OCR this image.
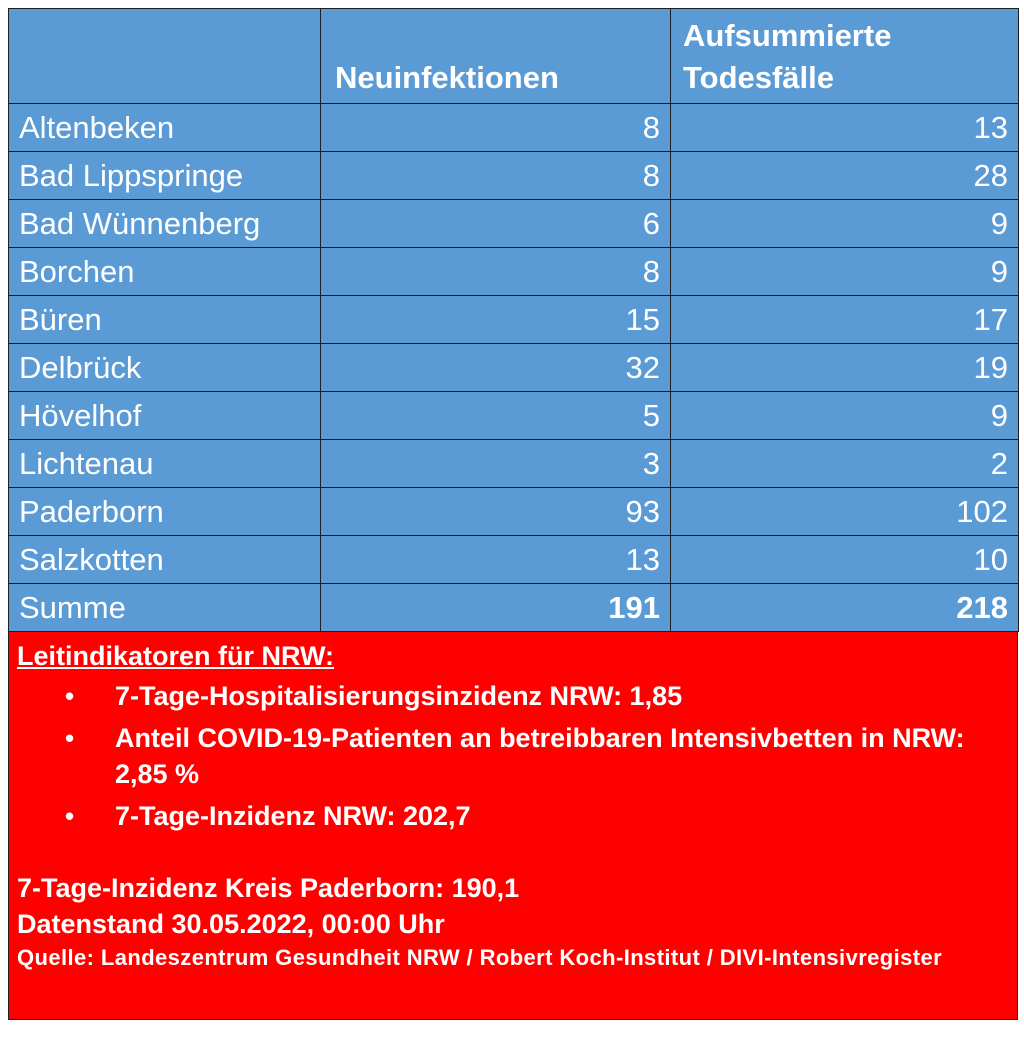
	Neuinfektionen	Aufsummierte Todesfälle
Altenbeken	8	13
Bad Lippspringe	8	28
Bad Wünnenberg	6	9
Borchen	8	9
Büren	15	17
Delbrück	32	19
Hövelhof	5	9
Lichtenau	3	2
Paderborn	93	102
Salzkotten	13	10
Summe	191	218
Leitindikatoren für NRW:
• 7-Tage-Hospitalisierungsinzidenz NRW: 1,85
• Anteil COVID-19-Patienten an betreibbaren Intensivbetten in NRW: 2,85 %
• 7-Tage-Inzidenz NRW: 202,7
7-Tage-Inzidenz Kreis Paderborn: 190,1
Datenstand 30.05.2022, 00:00 Uhr
Quelle: Landeszentrum Gesundheit NRW / Robert Koch-Institut / DIVI-Intensivregister
